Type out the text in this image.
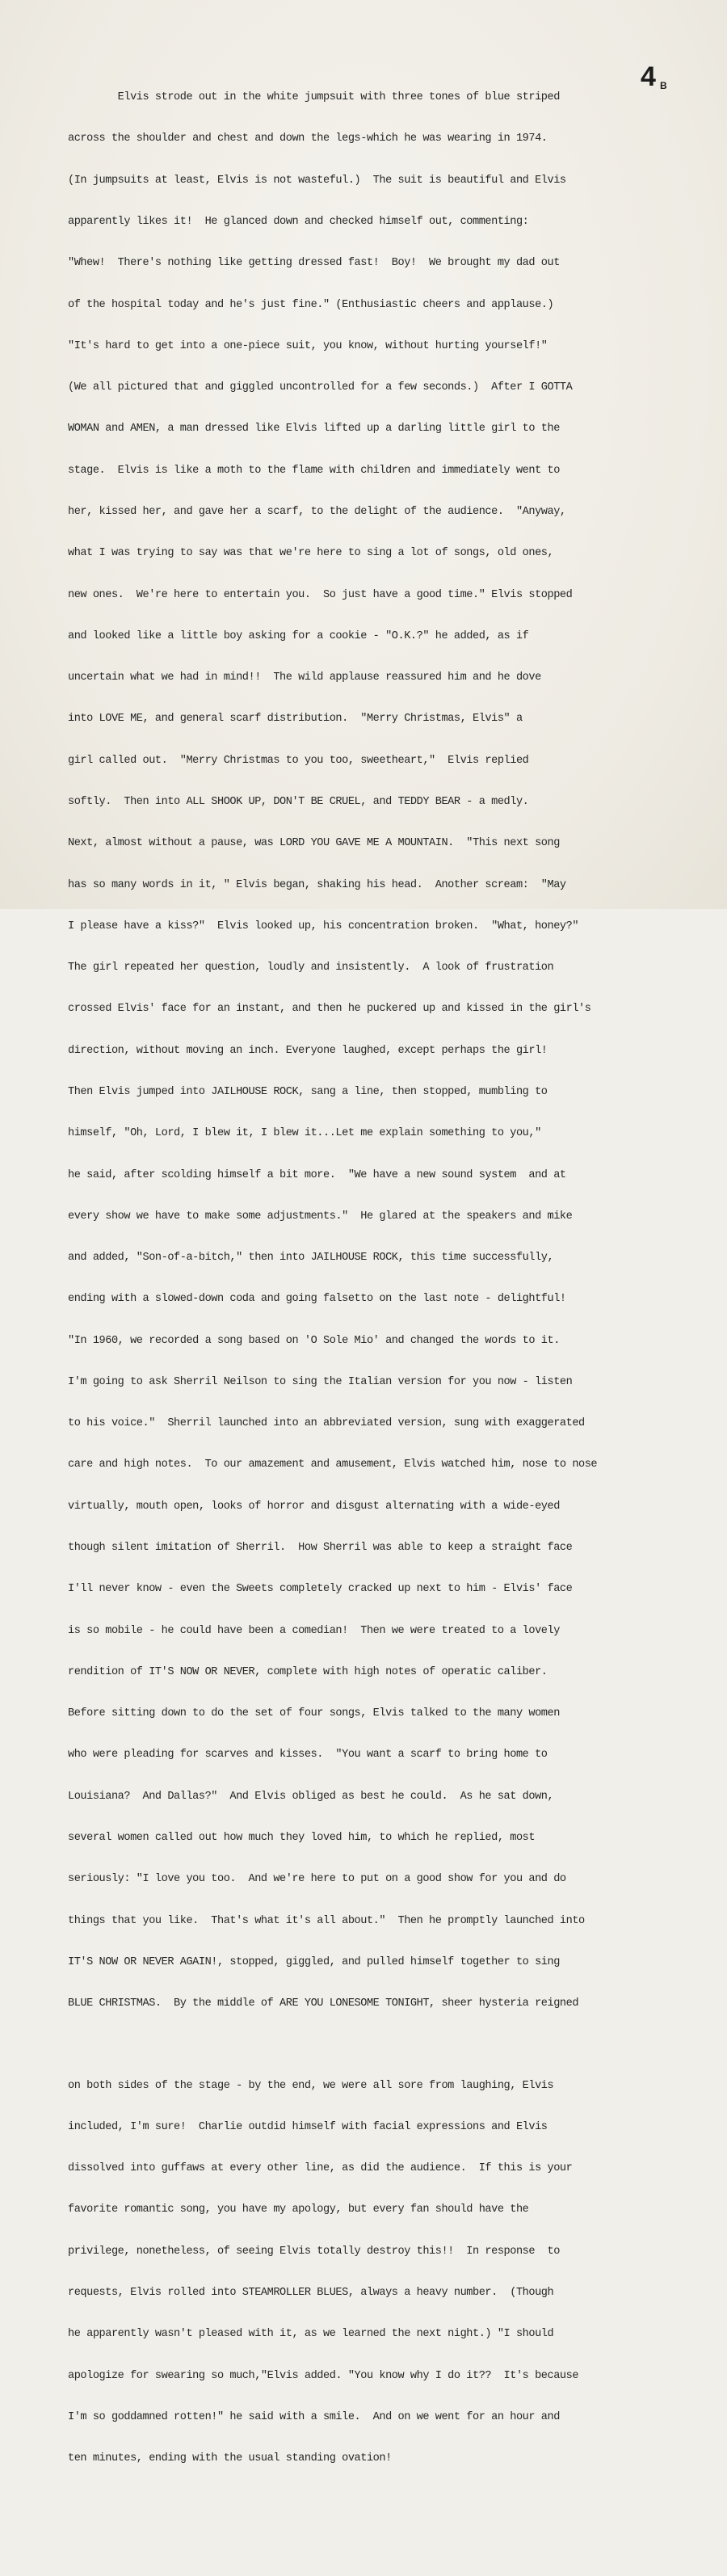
4 B

Elvis strode out in the white jumpsuit with three tones of blue striped

across the shoulder and chest and down the legs-which he was wearing in 1974.

(In jumpsuits at least, Elvis is not wasteful.)  The suit is beautiful and Elvis

apparently likes it!  He glanced down and checked himself out, commenting:

"Whew!  There's nothing like getting dressed fast!  Boy!  We brought my dad out

of the hospital today and he's just fine." (Enthusiastic cheers and applause.)

"It's hard to get into a one-piece suit, you know, without hurting yourself!"

(We all pictured that and giggled uncontrolled for a few seconds.)  After I GOTTA

WOMAN and AMEN, a man dressed like Elvis lifted up a darling little girl to the

stage.  Elvis is like a moth to the flame with children and immediately went to

her, kissed her, and gave her a scarf, to the delight of the audience.  "Anyway,

what I was trying to say was that we're here to sing a lot of songs, old ones,

new ones.  We're here to entertain you.  So just have a good time." Elvis stopped

and looked like a little boy asking for a cookie - "O.K.?" he added, as if

uncertain what we had in mind!!  The wild applause reassured him and he dove

into LOVE ME, and general scarf distribution.  "Merry Christmas, Elvis" a

girl called out.  "Merry Christmas to you too, sweetheart,"  Elvis replied

softly.  Then into ALL SHOOK UP, DON'T BE CRUEL, and TEDDY BEAR - a medly.

Next, almost without a pause, was LORD YOU GAVE ME A MOUNTAIN.  "This next song

has so many words in it, " Elvis began, shaking his head.  Another scream:  "May

I please have a kiss?"  Elvis looked up, his concentration broken.  "What, honey?"

The girl repeated her question, loudly and insistently.  A look of frustration

crossed Elvis' face for an instant, and then he puckered up and kissed in the girl's

direction, without moving an inch. Everyone laughed, except perhaps the girl!

Then Elvis jumped into JAILHOUSE ROCK, sang a line, then stopped, mumbling to

himself, "Oh, Lord, I blew it, I blew it...Let me explain something to you,"

he said, after scolding himself a bit more.  "We have a new sound system  and at

every show we have to make some adjustments."  He glared at the speakers and mike

and added, "Son-of-a-bitch," then into JAILHOUSE ROCK, this time successfully,

ending with a slowed-down coda and going falsetto on the last note - delightful!

"In 1960, we recorded a song based on 'O Sole Mio' and changed the words to it.

I'm going to ask Sherril Neilson to sing the Italian version for you now - listen

to his voice."  Sherril launched into an abbreviated version, sung with exaggerated

care and high notes.  To our amazement and amusement, Elvis watched him, nose to nose

virtually, mouth open, looks of horror and disgust alternating with a wide-eyed

though silent imitation of Sherril.  How Sherril was able to keep a straight face

I'll never know - even the Sweets completely cracked up next to him - Elvis' face

is so mobile - he could have been a comedian!  Then we were treated to a lovely

rendition of IT'S NOW OR NEVER, complete with high notes of operatic caliber.

Before sitting down to do the set of four songs, Elvis talked to the many women

who were pleading for scarves and kisses.  "You want a scarf to bring home to

Louisiana?  And Dallas?"  And Elvis obliged as best he could.  As he sat down,

several women called out how much they loved him, to which he replied, most

seriously: "I love you too.  And we're here to put on a good show for you and do

things that you like.  That's what it's all about."  Then he promptly launched into

IT'S NOW OR NEVER AGAIN!, stopped, giggled, and pulled himself together to sing

BLUE CHRISTMAS.  By the middle of ARE YOU LONESOME TONIGHT, sheer hysteria reigned

on both sides of the stage - by the end, we were all sore from laughing, Elvis

included, I'm sure!  Charlie outdid himself with facial expressions and Elvis

dissolved into guffaws at every other line, as did the audience.  If this is your

favorite romantic song, you have my apology, but every fan should have the

privilege, nonetheless, of seeing Elvis totally destroy this!!  In response  to

requests, Elvis rolled into STEAMROLLER BLUES, always a heavy number.  (Though

he apparently wasn't pleased with it, as we learned the next night.) "I should

apologize for swearing so much,"Elvis added. "You know why I do it??  It's because

I'm so goddamned rotten!" he said with a smile.  And on we went for an hour and

ten minutes, ending with the usual standing ovation!
